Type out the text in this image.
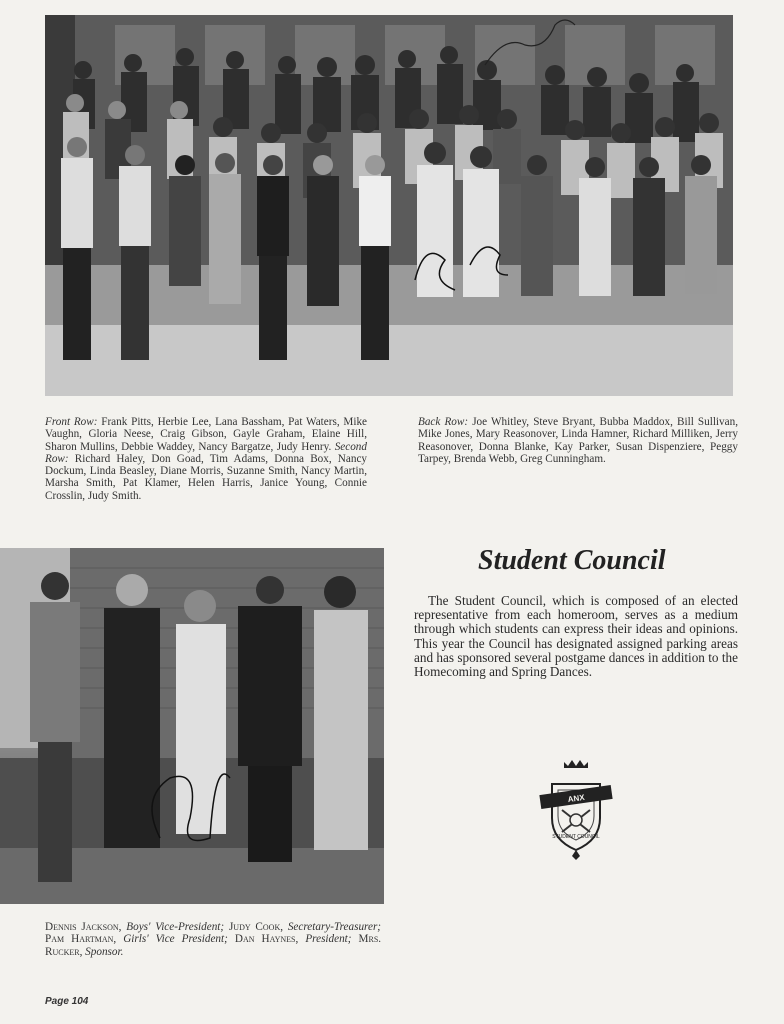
Front Row: Frank Pitts, Herbie Lee, Lana Bassham, Pat Waters, Mike Vaughn, Gloria Neese, Craig Gibson, Gayle Graham, Elaine Hill, Sharon Mullins, Debbie Waddey, Nancy Bargatze, Judy Henry. Second Row: Richard Haley, Don Goad, Tim Adams, Donna Box, Nancy Dockum, Linda Beasley, Diane Morris, Suzanne Smith, Nancy Martin, Marsha Smith, Pat Klamer, Helen Harris, Janice Young, Connie Crosslin, Judy Smith.
Back Row: Joe Whitley, Steve Bryant, Bubba Maddox, Bill Sullivan, Mike Jones, Mary Reasonover, Linda Hamner, Richard Milliken, Jerry Reasonover, Donna Blanke, Kay Parker, Susan Dispenziere, Peggy Tarpey, Brenda Webb, Greg Cunningham.
Dennis Jackson, Boys' Vice-President; Judy Cook, Secretary-Treasurer; Pam Hartman, Girls' Vice President; Dan Haynes, President; Mrs. Rucker, Sponsor.
Student Council

The Student Council, which is composed of an elected representative from each homeroom, serves as a medium through which students can express their ideas and opinions. This year the Council has designated assigned parking areas and has sponsored several postgame dances in addition to the Homecoming and Spring Dances.

ANX
STUDENT COUNCIL
Page 104
